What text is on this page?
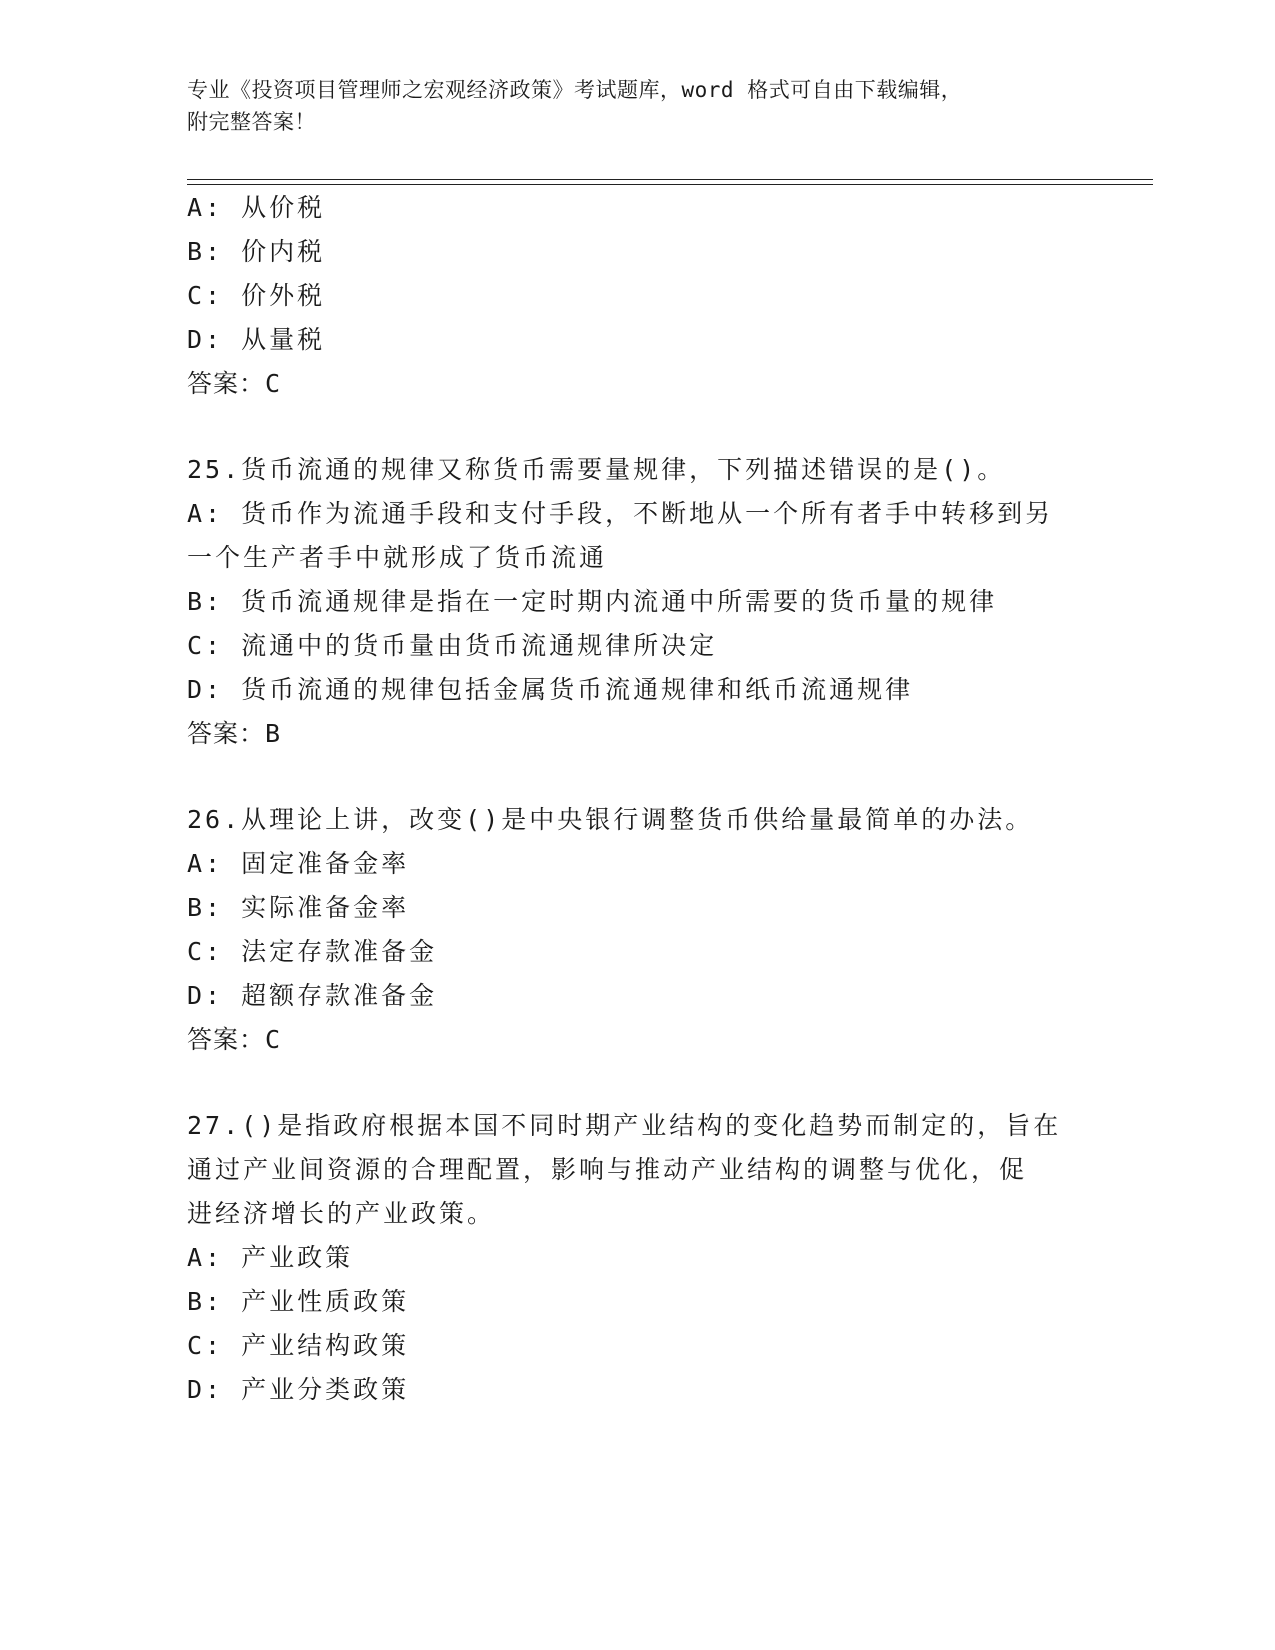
专业《投资项目管理师之宏观经济政策》考试题库，word 格式可自由下载编辑，
附完整答案！
A: 从价税
B: 价内税
C: 价外税
D: 从量税
答案：C
25.货币流通的规律又称货币需要量规律，下列描述错误的是()。
A: 货币作为流通手段和支付手段，不断地从一个所有者手中转移到另
一个生产者手中就形成了货币流通
B: 货币流通规律是指在一定时期内流通中所需要的货币量的规律
C: 流通中的货币量由货币流通规律所决定
D: 货币流通的规律包括金属货币流通规律和纸币流通规律
答案：B
26.从理论上讲，改变()是中央银行调整货币供给量最简单的办法。
A: 固定准备金率
B: 实际准备金率
C: 法定存款准备金
D: 超额存款准备金
答案：C
27.()是指政府根据本国不同时期产业结构的变化趋势而制定的，旨在
通过产业间资源的合理配置，影响与推动产业结构的调整与优化，促
进经济增长的产业政策。
A: 产业政策
B: 产业性质政策
C: 产业结构政策
D: 产业分类政策
